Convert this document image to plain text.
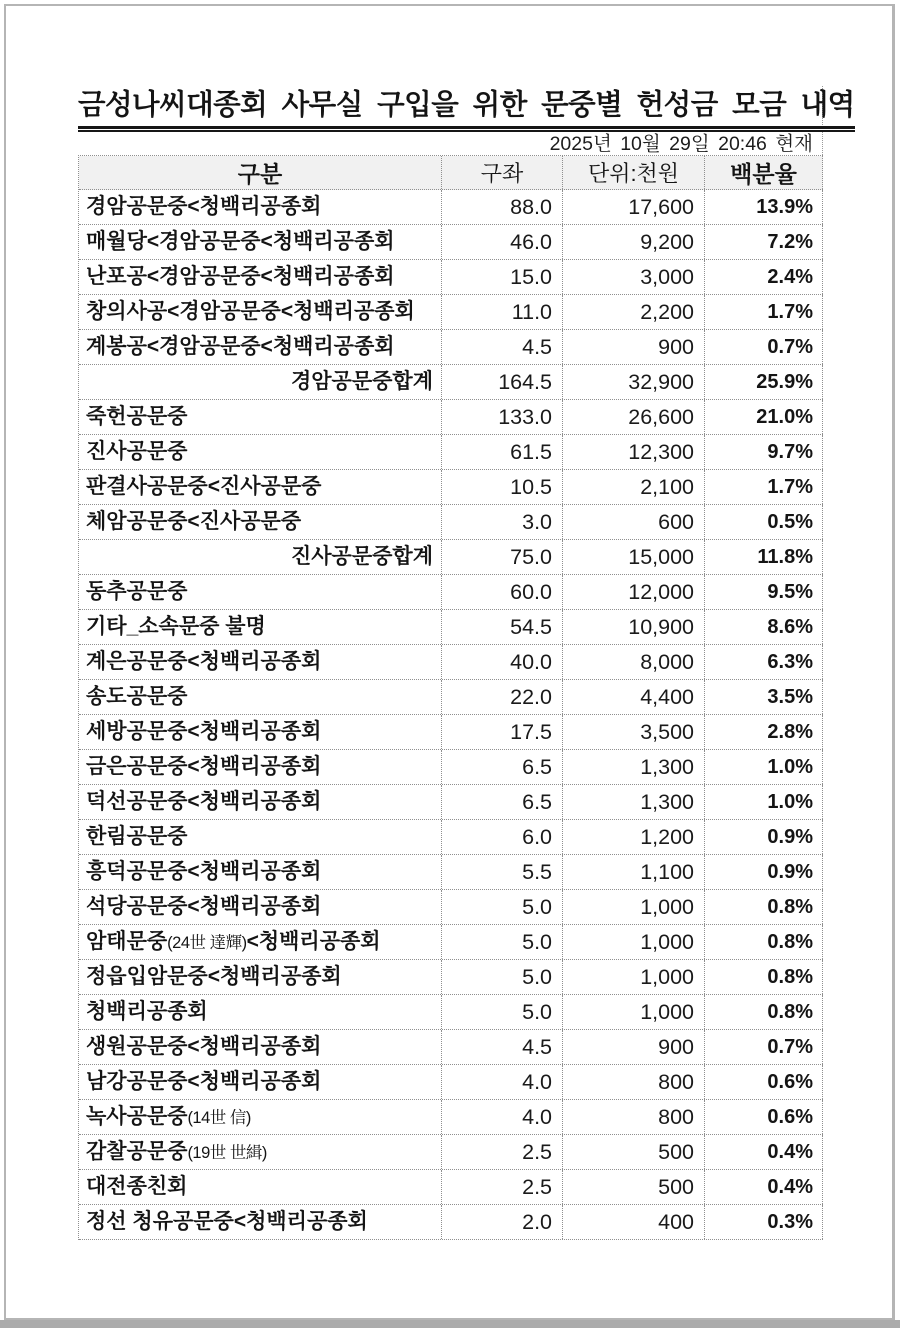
금성나씨대종회 사무실 구입을 위한 문중별 헌성금 모금 내역
2025년 10월 29일 20:46 현재
구분	구좌	단위:천원	백분율
경암공문중<청백리공종회	88.0	17,600	13.9%
매월당<경암공문중<청백리공종회	46.0	9,200	7.2%
난포공<경암공문중<청백리공종회	15.0	3,000	2.4%
창의사공<경암공문중<청백리공종회	11.0	2,200	1.7%
계봉공<경암공문중<청백리공종회	4.5	900	0.7%
경암공문중합계	164.5	32,900	25.9%
죽헌공문중	133.0	26,600	21.0%
진사공문중	61.5	12,300	9.7%
판결사공문중<진사공문중	10.5	2,100	1.7%
체암공문중<진사공문중	3.0	600	0.5%
진사공문중합계	75.0	15,000	11.8%
동추공문중	60.0	12,000	9.5%
기타_소속문중 불명	54.5	10,900	8.6%
계은공문중<청백리공종회	40.0	8,000	6.3%
송도공문중	22.0	4,400	3.5%
세방공문중<청백리공종회	17.5	3,500	2.8%
금은공문중<청백리공종회	6.5	1,300	1.0%
덕선공문중<청백리공종회	6.5	1,300	1.0%
한림공문중	6.0	1,200	0.9%
흥덕공문중<청백리공종회	5.5	1,100	0.9%
석당공문중<청백리공종회	5.0	1,000	0.8%
암태문중(24世 達輝)<청백리공종회	5.0	1,000	0.8%
정읍입암문중<청백리공종회	5.0	1,000	0.8%
청백리공종회	5.0	1,000	0.8%
생원공문중<청백리공종회	4.5	900	0.7%
남강공문중<청백리공종회	4.0	800	0.6%
녹사공문중(14世 信)	4.0	800	0.6%
감찰공문중(19世 世緝)	2.5	500	0.4%
대전종친회	2.5	500	0.4%
정선 청유공문중<청백리공종회	2.0	400	0.3%
